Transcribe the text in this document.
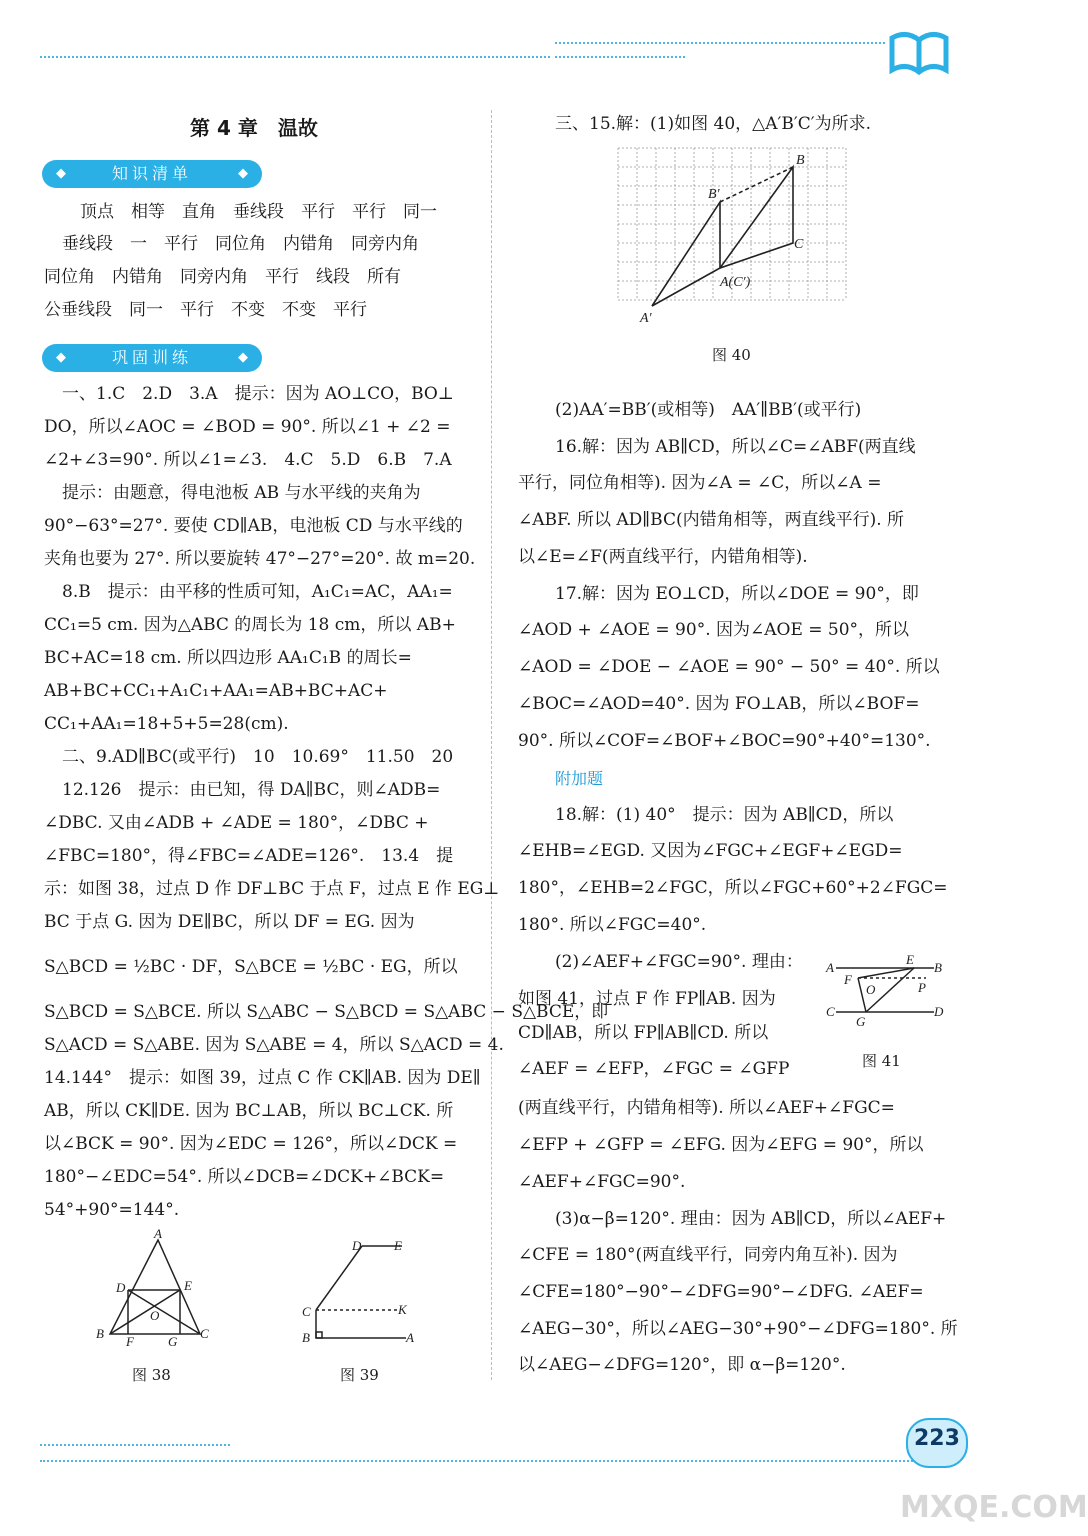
第 4 章　温故
◆	知识清单	◆
顶点　相等　直角　垂线段　平行　平行　同一
垂线段　一　平行　同位角　内错角　同旁内角
同位角　内错角　同旁内角　平行　线段　所有
公垂线段　同一　平行　不变　不变　平行
◆	巩固训练	◆
一、1.C　2.D　3.A　提示：因为 AO⊥CO，BO⊥
DO，所以∠AOC = ∠BOD = 90°. 所以∠1 + ∠2 =
∠2+∠3=90°. 所以∠1=∠3.　4.C　5.D　6.B　7.A
提示：由题意，得电池板 AB 与水平线的夹角为
90°−63°=27°. 要使 CD∥AB，电池板 CD 与水平线的
夹角也要为 27°. 所以要旋转 47°−27°=20°. 故 m=20.
8.B　提示：由平移的性质可知，A₁C₁=AC，AA₁=
CC₁=5 cm. 因为△ABC 的周长为 18 cm，所以 AB+
BC+AC=18 cm. 所以四边形 AA₁C₁B 的周长=
AB+BC+CC₁+A₁C₁+AA₁=AB+BC+AC+
CC₁+AA₁=18+5+5=28(cm).
二、9.AD∥BC(或平行)　10　10.69°　11.50　20
12.126　提示：由已知，得 DA∥BC，则∠ADB=
∠DBC. 又由∠ADB + ∠ADE = 180°，∠DBC +
∠FBC=180°，得∠FBC=∠ADE=126°.　13.4　提
示：如图 38，过点 D 作 DF⊥BC 于点 F，过点 E 作 EG⊥
BC 于点 G. 因为 DE∥BC，所以 DF = EG. 因为
S△BCD = ½BC · DF，S△BCE = ½BC · EG，所以
S△BCD = S△BCE. 所以 S△ABC − S△BCD = S△ABC − S△BCE，即
S△ACD = S△ABE. 因为 S△ABE = 4，所以 S△ACD = 4.
14.144°　提示：如图 39，过点 C 作 CK∥AB. 因为 DE∥
AB，所以 CK∥DE. 因为 BC⊥AB，所以 BC⊥CK. 所
以∠BCK = 90°. 因为∠EDC = 126°，所以∠DCK =
180°−∠EDC=54°. 所以∠DCB=∠DCK+∠BCK=
54°+90°=144°.
A
D	E
O
B
F	G
C
图 38
D	E
C	K
B	A
图 39
三、15.解：(1)如图 40，△A′B′C′为所求.
B
B′
C
A(C′)
A′
图 40
(2)AA′=BB′(或相等)　AA′∥BB′(或平行)
16.解：因为 AB∥CD，所以∠C=∠ABF(两直线
平行，同位角相等). 因为∠A = ∠C，所以∠A =
∠ABF. 所以 AD∥BC(内错角相等，两直线平行). 所
以∠E=∠F(两直线平行，内错角相等).
17.解：因为 EO⊥CD，所以∠DOE = 90°，即
∠AOD + ∠AOE = 90°. 因为∠AOE = 50°，所以
∠AOD = ∠DOE − ∠AOE = 90° − 50° = 40°. 所以
∠BOC=∠AOD=40°. 因为 FO⊥AB，所以∠BOF=
90°. 所以∠COF=∠BOF+∠BOC=90°+40°=130°.
附加题
18.解：(1) 40°　提示：因为 AB∥CD，所以
∠EHB=∠EGD. 又因为∠FGC+∠EGF+∠EGD=
180°，∠EHB=2∠FGC，所以∠FGC+60°+2∠FGC=
180°. 所以∠FGC=40°.
(2)∠AEF+∠FGC=90°. 理由：
如图 41，过点 F 作 FP∥AB. 因为
CD∥AB，所以 FP∥AB∥CD. 所以
∠AEF = ∠EFP，∠FGC = ∠GFP
A
E
B
F
O	P
C
G
D
图 41
(两直线平行，内错角相等). 所以∠AEF+∠FGC=
∠EFP + ∠GFP = ∠EFG. 因为∠EFG = 90°，所以
∠AEF+∠FGC=90°.
(3)α−β=120°. 理由：因为 AB∥CD，所以∠AEF+
∠CFE = 180°(两直线平行，同旁内角互补). 因为
∠CFE=180°−90°−∠DFG=90°−∠DFG. ∠AEF=
∠AEG−30°，所以∠AEG−30°+90°−∠DFG=180°. 所
以∠AEG−∠DFG=120°，即 α−β=120°.
223
MXQE.COM
